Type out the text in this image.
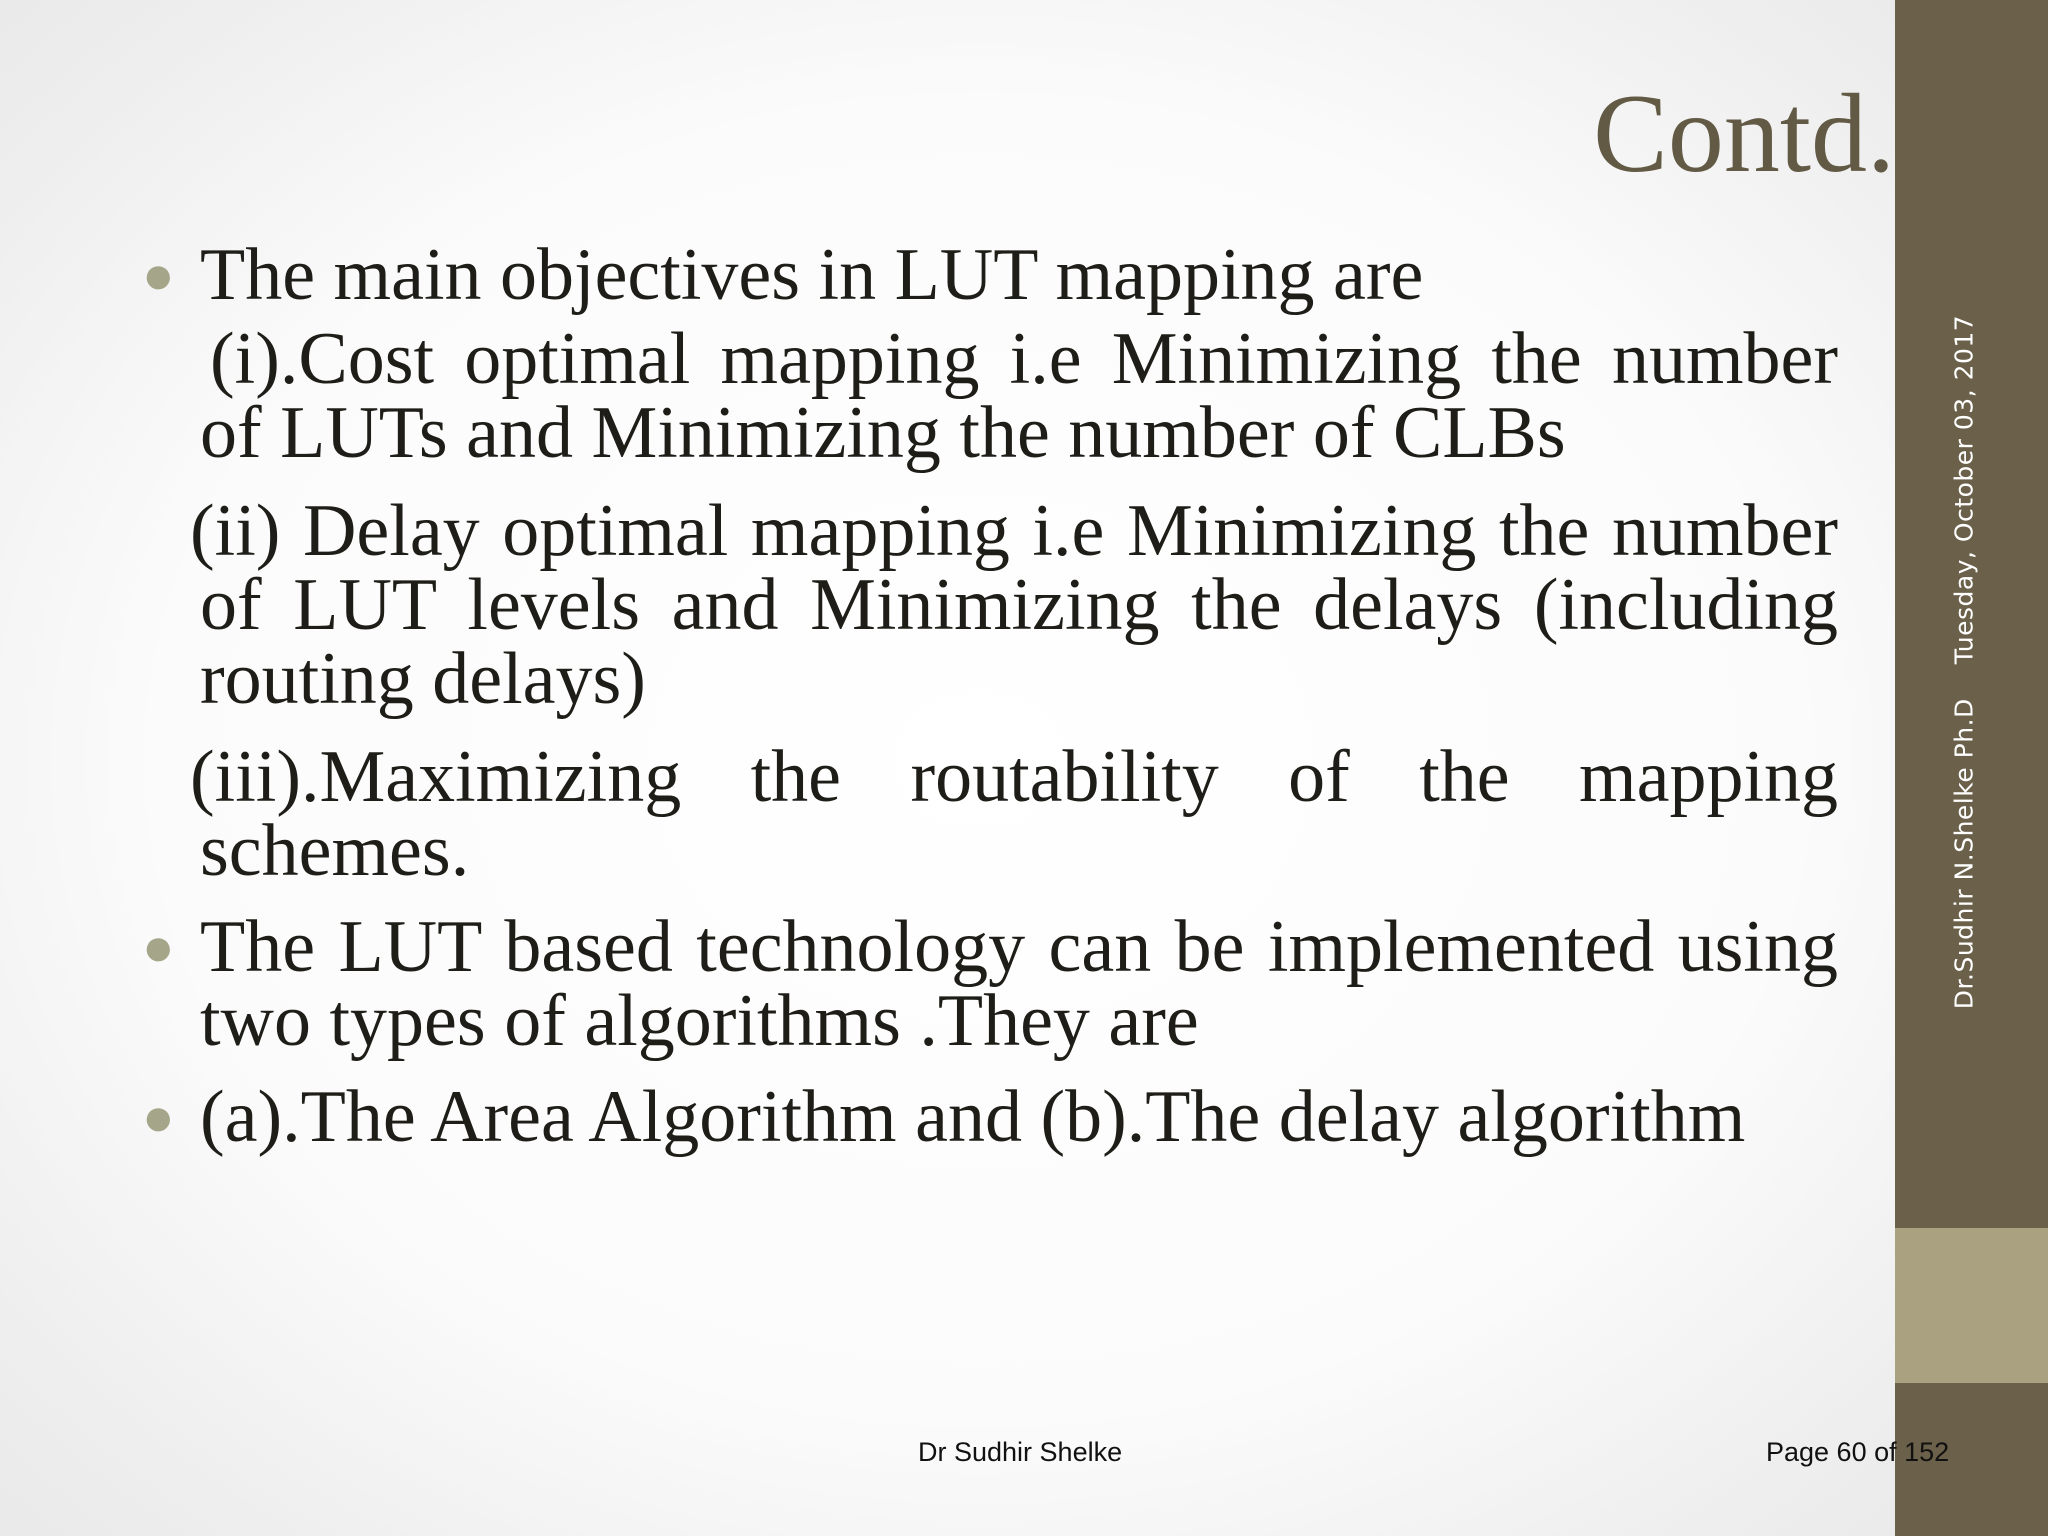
Dr.Sudhir N.Shelke Ph.DTuesday, October 03, 2017
Contd.
● The main objectives in LUT mapping are
(i).Cost optimal mapping i.e Minimizing the number of LUTs and Minimizing the number of CLBs
(ii) Delay optimal mapping i.e Minimizing the number of LUT levels and Minimizing the delays (including routing delays)
(iii).Maximizing the routability of the mapping schemes.
● The LUT based technology can be implemented using two types of algorithms .They are
● (a).The Area Algorithm and (b).The delay algorithm
Dr Sudhir Shelke	Page 60 of 152
